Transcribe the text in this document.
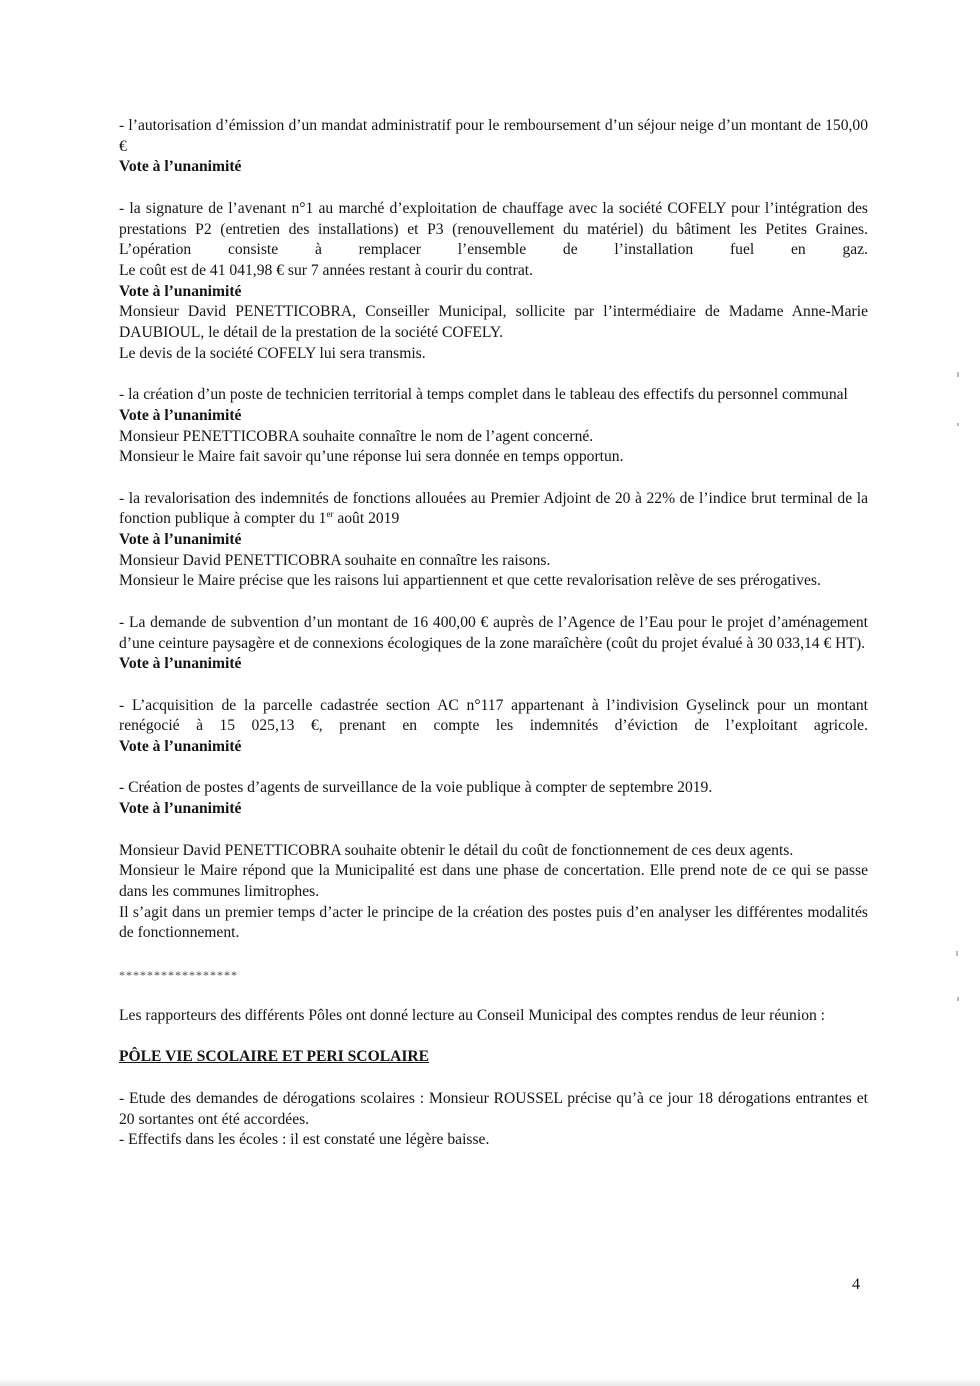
- l’autorisation d’émission d’un mandat administratif pour le remboursement d’un séjour neige d’un montant de 150,00 €

Vote à l’unanimité

- la signature de l’avenant n°1 au marché d’exploitation de chauffage avec la société COFELY pour l’intégration des prestations P2 (entretien des installations) et P3 (renouvellement du matériel) du bâtiment les Petites Graines. L’opération consiste à remplacer l’ensemble de l’installation fuel en gaz.

Le coût est de 41 041,98 € sur 7 années restant à courir du contrat.

Vote à l’unanimité

Monsieur David PENETTICOBRA, Conseiller Municipal, sollicite par l’intermédiaire de Madame Anne-Marie DAUBIOUL, le détail de la prestation de la société COFELY.

Le devis de la société COFELY lui sera transmis.

- la création d’un poste de technicien territorial à temps complet dans le tableau des effectifs du personnel communal

Vote à l’unanimité

Monsieur PENETTICOBRA souhaite connaître le nom de l’agent concerné.

Monsieur le Maire fait savoir qu’une réponse lui sera donnée en temps opportun.

- la revalorisation des indemnités de fonctions allouées au Premier Adjoint de 20 à 22% de l’indice brut terminal de la fonction publique à compter du 1er août 2019

Vote à l’unanimité

Monsieur David PENETTICOBRA souhaite en connaître les raisons.

Monsieur le Maire précise que les raisons lui appartiennent et que cette revalorisation relève de ses prérogatives.

- La demande de subvention d’un montant de 16 400,00 € auprès de l’Agence de l’Eau pour le projet d’aménagement d’une ceinture paysagère et de connexions écologiques de la zone maraîchère (coût du projet évalué à 30 033,14 € HT).

Vote à l’unanimité

- L’acquisition de la parcelle cadastrée section AC n°117 appartenant à l’indivision Gyselinck pour un montant renégocié à 15 025,13 €, prenant en compte les indemnités d’éviction de l’exploitant agricole.

Vote à l’unanimité

- Création de postes d’agents de surveillance de la voie publique à compter de septembre 2019.

Vote à l’unanimité

Monsieur David PENETTICOBRA souhaite obtenir le détail du coût de fonctionnement de ces deux agents.

Monsieur le Maire répond que la Municipalité est dans une phase de concertation. Elle prend note de ce qui se passe dans les communes limitrophes.

Il s’agit dans un premier temps d’acter le principe de la création des postes puis d’en analyser les différentes modalités de fonctionnement.

*****************

Les rapporteurs des différents Pôles ont donné lecture au Conseil Municipal des comptes rendus de leur réunion :

PÔLE VIE SCOLAIRE ET PERI SCOLAIRE

- Etude des demandes de dérogations scolaires : Monsieur ROUSSEL précise qu’à ce jour 18 dérogations entrantes et 20 sortantes ont été accordées.

- Effectifs dans les écoles : il est constaté une légère baisse.

4
